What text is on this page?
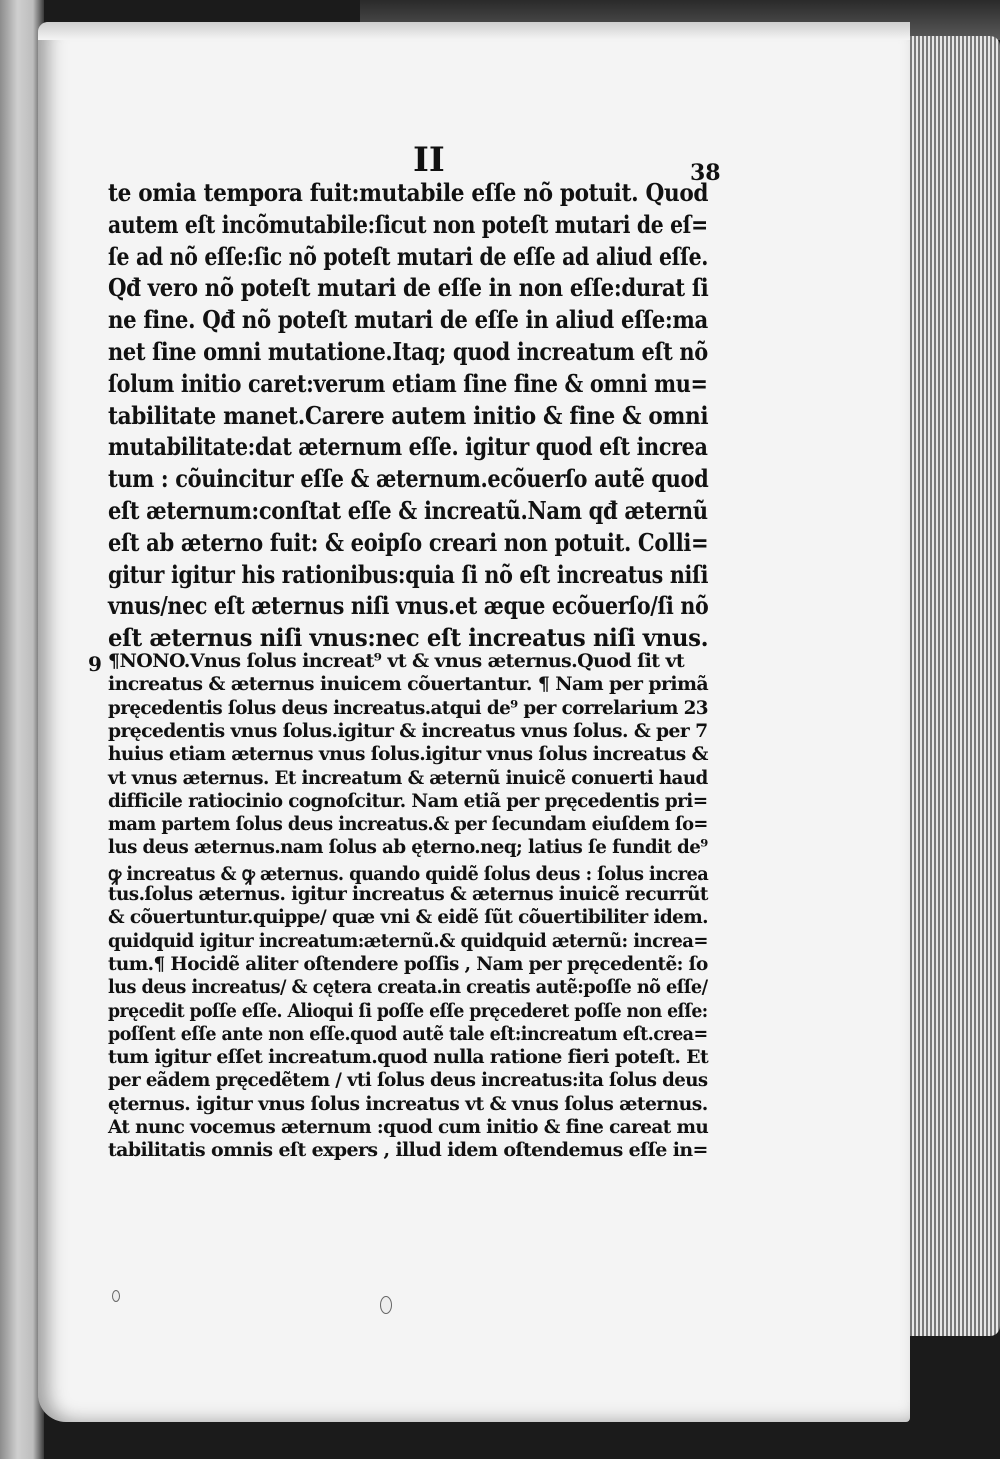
II	38
9
te omia tempora fuit:mutabile eſſe nõ potuit. Quod
autem eſt incõmutabile:ſicut non poteſt mutari de eſ=
ſe ad nõ eſſe:ſic nõ poteſt mutari de eſſe ad aliud eſſe.
Qđ vero nõ poteſt mutari de eſſe in non eſſe:durat ſi
ne fine. Qđ nõ poteſt mutari de eſſe in aliud eſſe:ma
net ſine omni mutatione.Itaq; quod increatum eſt nõ
ſolum initio caret:verum etiam ſine fine & omni mu=
tabilitate manet.Carere autem initio & fine & omni
mutabilitate:dat æternum eſſe. igitur quod eſt increa
tum : cõuincitur eſſe & æternum.ecõuerſo autẽ quod
eſt æternum:conſtat eſſe & increatũ.Nam qđ æternũ
eſt ab æterno fuit: & eoipſo creari non potuit. Colli=
gitur igitur his rationibus:quia ſi nõ eſt increatus niſi
vnus/nec eſt æternus niſi vnus.et æque ecõuerſo/ſi nõ
eſt æternus niſi vnus:nec eſt increatus niſi vnus.
¶NONO.Vnus ſolus increat⁹ vt & vnus æternus.Quod ſit vt
increatus & æternus inuicem cõuertantur. ¶ Nam per primã
pręcedentis ſolus deus increatus.atqui de⁹ per correlarium 23
pręcedentis vnus ſolus.igitur & increatus vnus ſolus. & per 7
huius etiam æternus vnus ſolus.igitur vnus ſolus increatus &
vt vnus æternus. Et increatum & æternũ inuicẽ conuerti haud
difficile ratiocinio cognoſcitur. Nam etiã per pręcedentis pri=
mam partem ſolus deus increatus.& per ſecundam eiuſdem ſo=
lus deus æternus.nam ſolus ab ęterno.neq; latius ſe fundit de⁹
ꝙ increatus & ꝙ æternus. quando quidẽ ſolus deus : ſolus increa
tus.ſolus æternus. igitur increatus & æternus inuicẽ recurrũt
& cõuertuntur.quippe/ quæ vni & eidẽ ſũt cõuertibiliter idem.
quidquid igitur increatum:æternũ.& quidquid æternũ: increa=
tum.¶ Hocidẽ aliter oſtendere poſſis , Nam per pręcedentẽ: ſo
lus deus increatus/ & cętera creata.in creatis autẽ:poſſe nõ eſſe/
pręcedit poſſe eſſe. Alioqui ſi poſſe eſſe pręcederet poſſe non eſſe:
poſſent eſſe ante non eſſe.quod autẽ tale eſt:increatum eſt.crea=
tum igitur eſſet increatum.quod nulla ratione fieri poteſt. Et
per eãdem pręcedẽtem / vti ſolus deus increatus:ita ſolus deus
ęternus. igitur vnus ſolus increatus vt & vnus ſolus æternus.
At nunc vocemus æternum :quod cum initio & fine careat mu
tabilitatis omnis eſt expers , illud idem oſtendemus eſſe in=
